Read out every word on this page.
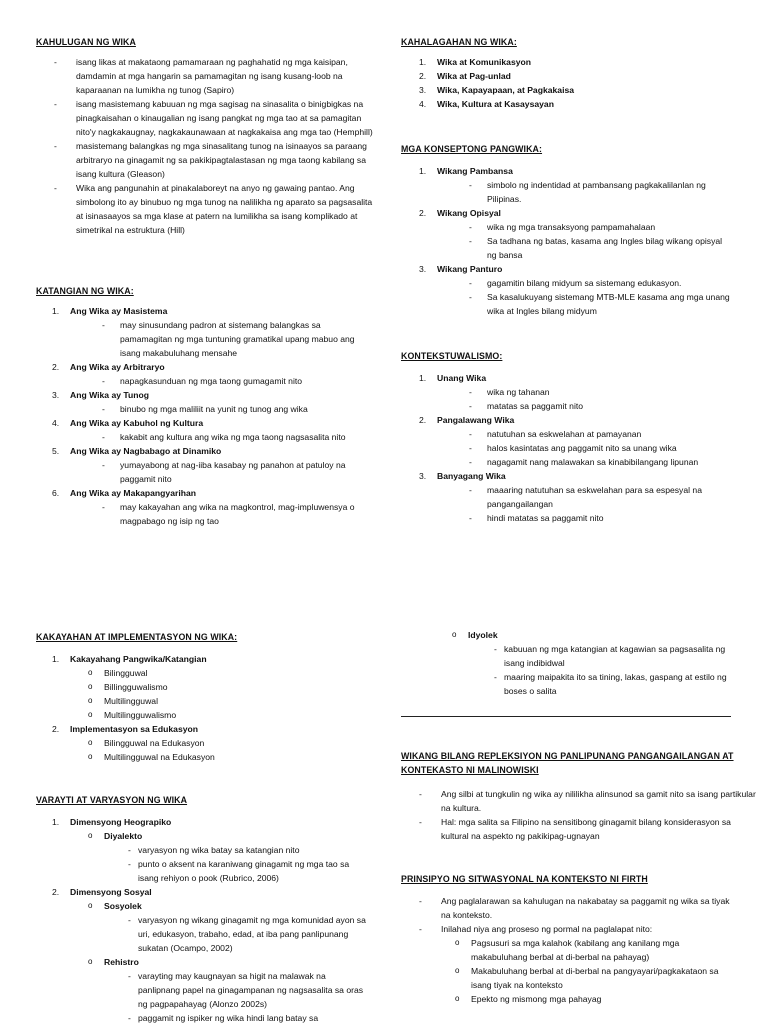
KAHULUGAN NG WIKA
- isang likas at makataong pamamaraan ng paghahatid ng mga kaisipan, damdamin at mga hangarin sa pamamagitan ng isang kusang-loob na kaparaanan na lumikha ng tunog (Sapiro)
- isang masistemang kabuuan ng mga sagisag na sinasalita o binigbigkas na pinagkaisahan o kinaugalian ng isang pangkat ng mga tao at sa pamagitan nito'y nagkakaugnay, nagkakaunawaan at nagkakaisa ang mga tao (Hemphill)
- masistemang balangkas ng mga sinasalitang tunog na isinaayos sa paraang arbitraryo na ginagamit ng sa pakikipagtalastasan ng mga taong kabilang sa isang kultura (Gleason)
- Wika ang pangunahin at pinakalaboreyt na anyo ng gawaing pantao. Ang simbolong ito ay binubuo ng mga tunog na nalilikha ng aparato sa pagsasalita at isinasaayos sa mga klase at patern na lumilikha sa isang komplikado at simetrikal na estruktura (Hill)
KATANGIAN NG WIKA:
1. Ang Wika ay Masistema
- may sinusundang padron at sistemang balangkas sa pamamagitan ng mga tuntuning gramatikal upang mabuo ang isang makabuluhang mensahe
2. Ang Wika ay Arbitraryo
- napagkasunduan ng mga taong gumagamit nito
3. Ang Wika ay Tunog
- binubo ng mga maliliit na yunit ng tunog ang wika
4. Ang Wika ay Kabuhol ng Kultura
- kakabit ang kultura ang wika ng mga taong nagsasalita nito
5. Ang Wika ay Nagbabago at Dinamiko
- yumayabong at nag-iiba kasabay ng panahon at patuloy na paggamit nito
6. Ang Wika ay Makapangyarihan
- may kakayahan ang wika na magkontrol, mag-impluwensya o magpabago ng isip ng tao
KAHALAGAHAN NG WIKA:
1. Wika at Komunikasyon
2. Wika at Pag-unlad
3. Wika, Kapayapaan, at Pagkakaisa
4. Wika, Kultura at Kasaysayan
MGA KONSEPTONG PANGWIKA:
1. Wikang Pambansa
- simbolo ng indentidad at pambansang pagkakalilanlan ng Pilipinas.
2. Wikang Opisyal
- wika ng mga transaksyong pampamahalaan
- Sa tadhana ng batas, kasama ang Ingles bilag wikang opisyal ng bansa
3. Wikang Panturo
- gagamitin bilang midyum sa sistemang edukasyon.
- Sa kasalukuyang sistemang MTB-MLE kasama ang mga unang wika at Ingles bilang midyum
KONTEKSTUWALISMO:
1. Unang Wika
- wika ng tahanan
- matatas sa paggamit nito
2. Pangalawang Wika
- natutuhan sa eskwelahan at pamayanan
- halos kasintatas ang paggamit nito sa unang wika
- nagagamit nang malawakan sa kinabibilangang lipunan
3. Banyagang Wika
- maaaring natutuhan sa eskwelahan para sa espesyal na pangangailangan
- hindi matatas sa paggamit nito
KAKAYAHAN AT IMPLEMENTASYON NG WIKA:
1. Kakayahang Pangwika/Katangian
o Bilingguwal
o Billingguwalismo
o Multilingguwal
o Multilingguwalismo
2. Implementasyon sa Edukasyon
o Bilingguwal na Edukasyon
o Multilingguwal na Edukasyon
VARAYTI AT VARYASYON NG WIKA
1. Dimensyong Heograpiko
o Diyalekto
- varyasyon ng wika batay sa katangian nito
- punto o aksent na karaniwang ginagamit ng mga tao sa isang rehiyon o pook (Rubrico, 2006)
2. Dimensyong Sosyal
o Sosyolek
- varyasyon ng wikang ginagamit ng mga komunidad ayon sa uri, edukasyon, trabaho, edad, at iba pang panlipunang sukatan (Ocampo, 2002)
o Rehistro
- varayting may kaugnayan sa higit na malawak na panlipnang papel na ginagampanan ng nagsasalita sa oras ng pagpapahayag (Alonzo 2002s)
- paggamit ng ispiker ng wika hindi lang batay sa
o Idyolek
- kabuuan ng mga katangian at kagawian sa pagsasalita ng isang indibidwal
- maaring maipakita ito sa tining, lakas, gaspang at estilo ng boses o salita
WIKANG BILANG REPLEKSIYON NG PANLIPUNANG PANGANGAILANGAN AT KONTEKASTO NI MALINOWISKI
- Ang silbi at tungkulin ng wika ay nililikha alinsunod sa gamit nito sa isang partikular na kultura.
- Hal: mga salita sa Filipino na sensitibong ginagamit bilang konsiderasyon sa kultural na aspekto ng pakikipag-ugnayan
PRINSIPYO NG SITWASYONAL NA KONTEKSTO NI FIRTH
- Ang paglalarawan sa kahulugan na nakabatay sa paggamit ng wika sa tiyak na konteksto.
- Inilahad niya ang proseso ng pormal na paglalapat nito:
o Pagsusuri sa mga kalahok (kabilang ang kanilang mga makabuluhang berbal at di-berbal na pahayag)
o Makabuluhang berbal at di-berbal na pangyayari/pagkakataon sa isang tiyak na konteksto
o Epekto ng mismong mga pahayag
